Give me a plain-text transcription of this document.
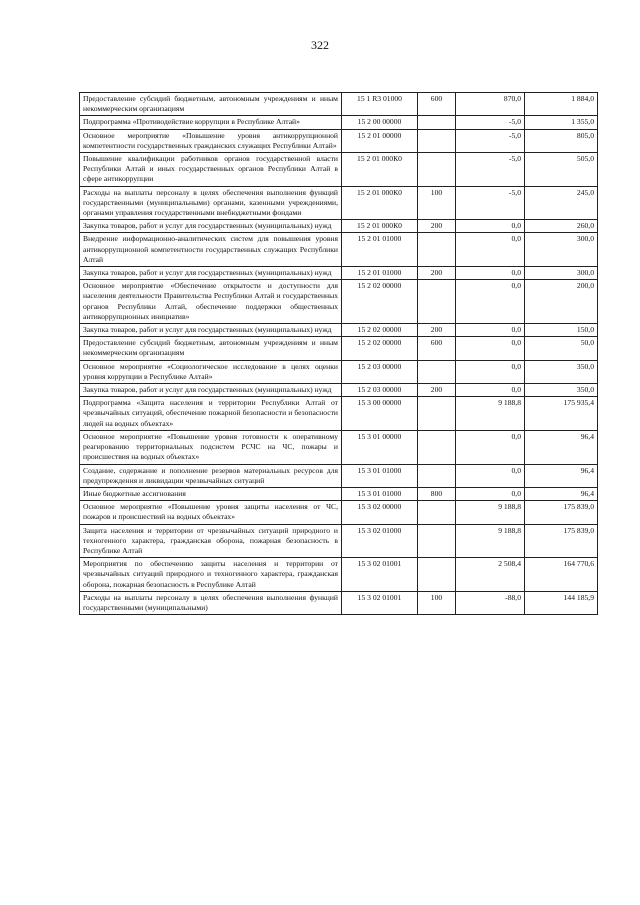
322
Предоставление субсидий бюджетным, автономным учреждениям и иным некоммерческим организациям	15 1 R3 01000	600	870,0	1 884,0
Подпрограмма «Противодействие коррупции в Республике Алтай»	15 2 00 00000		-5,0	1 355,0
Основное мероприятие «Повышение уровня антикоррупционной компетентности государственных гражданских служащих Республики Алтай»	15 2 01 00000		-5,0	805,0
Повышение квалификации работников органов государственной власти Республики Алтай и иных государственных органов Республики Алтай в сфере антикоррупции	15 2 01 000К0		-5,0	505,0
Расходы на выплаты персоналу в целях обеспечения выполнения функций государственными (муниципальными) органами, казенными учреждениями, органами управления государственными внебюджетными фондами	15 2 01 000К0	100	-5,0	245,0
Закупка товаров, работ и услуг для государственных (муниципальных) нужд	15 2 01 000К0	200	0,0	260,0
Внедрение информационно-аналитических систем для повышения уровня антикоррупционной компетентности государственных служащих Республики Алтай	15 2 01 01000		0,0	300,0
Закупка товаров, работ и услуг для государственных (муниципальных) нужд	15 2 01 01000	200	0,0	300,0
Основное мероприятие «Обеспечение открытости и доступности для населения деятельности Правительства Республики Алтай и государственных органов Республики Алтай, обеспечение поддержки общественных антикоррупционных инициатив»	15 2 02 00000		0,0	200,0
Закупка товаров, работ и услуг для государственных (муниципальных) нужд	15 2 02 00000	200	0,0	150,0
Предоставление субсидий бюджетным, автономным учреждениям и иным некоммерческим организациям	15 2 02 00000	600	0,0	50,0
Основное мероприятие «Социологическое исследование в целях оценки уровня коррупции в Республике Алтай»	15 2 03 00000		0,0	350,0
Закупка товаров, работ и услуг для государственных (муниципальных) нужд	15 2 03 00000	200	0,0	350,0
Подпрограмма «Защита населения и территории Республики Алтай от чрезвычайных ситуаций, обеспечение пожарной безопасности и безопасности людей на водных объектах»	15 3 00 00000		9 188,8	175 935,4
Основное мероприятие «Повышение уровня готовности к оперативному реагированию территориальных подсистем РСЧС на ЧС, пожары и происшествия на водных объектах»	15 3 01 00000		0,0	96,4
Создание, содержание и пополнение резервов материальных ресурсов для предупреждения и ликвидации чрезвычайных ситуаций	15 3 01 01000		0,0	96,4
Иные бюджетные ассигнования	15 3 01 01000	800	0,0	96,4
Основное мероприятие «Повышение уровня защиты населения от ЧС, пожаров и происшествий на водных объектах»	15 3 02 00000		9 188,8	175 839,0
Защита населения и территории от чрезвычайных ситуаций природного и техногенного характера, гражданская оборона, пожарная безопасность в Республике Алтай	15 3 02 01000		9 188,8	175 839,0
Мероприятия по обеспечению защиты населения и территории от чрезвычайных ситуаций природного и техногенного характера, гражданская оборона, пожарная безопасность в Республике Алтай	15 3 02 01001		2 508,4	164 770,6
Расходы на выплаты персоналу в целях обеспечения выполнения функций государственными (муниципальными)	15 3 02 01001	100	-88,0	144 185,9
